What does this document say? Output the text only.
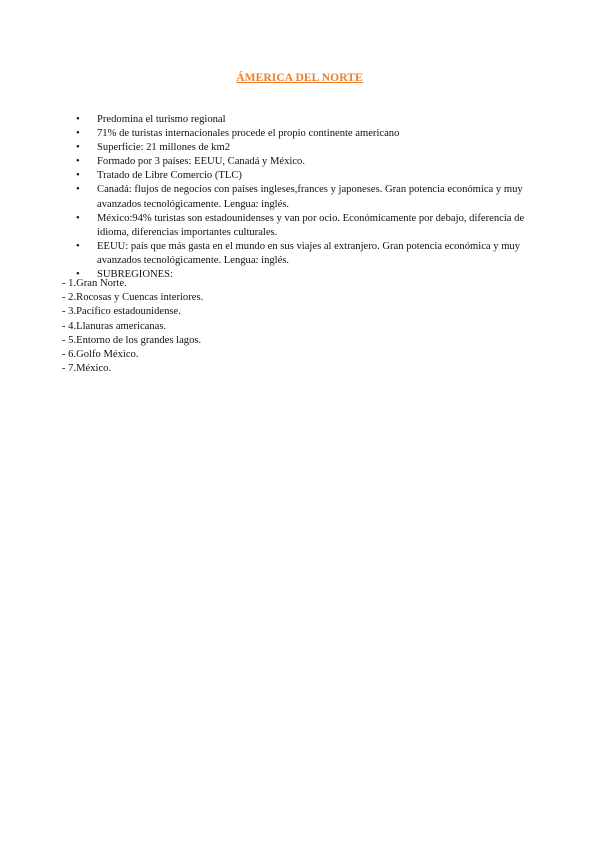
ÁMERICA DEL NORTE
• Predomina el turismo regional
• 71% de turistas internacionales procede el propio continente americano
• Superficie: 21 millones de km2
• Formado por 3 países: EEUU, Canadá y México.
• Tratado de Libre Comercio (TLC)
• Canadá: flujos de negocios con países ingleses,frances y japoneses. Gran potencia económica y muy avanzados tecnológicamente. Lengua: inglés.
• México:94% turistas son estadounidenses y van por ocio. Económicamente por debajo, diferencia de idioma, diferencias importantes culturales.
• EEUU: país que más gasta en el mundo en sus viajes al extranjero. Gran potencia económica y muy avanzados tecnológicamente. Lengua: inglés.
• SUBREGIONES:
- 1.Gran Norte.
- 2.Rocosas y Cuencas interiores.
- 3.Pacífico estadounidense.
- 4.Llanuras americanas.
- 5.Entorno de los grandes lagos.
- 6.Golfo México.
- 7.México.
